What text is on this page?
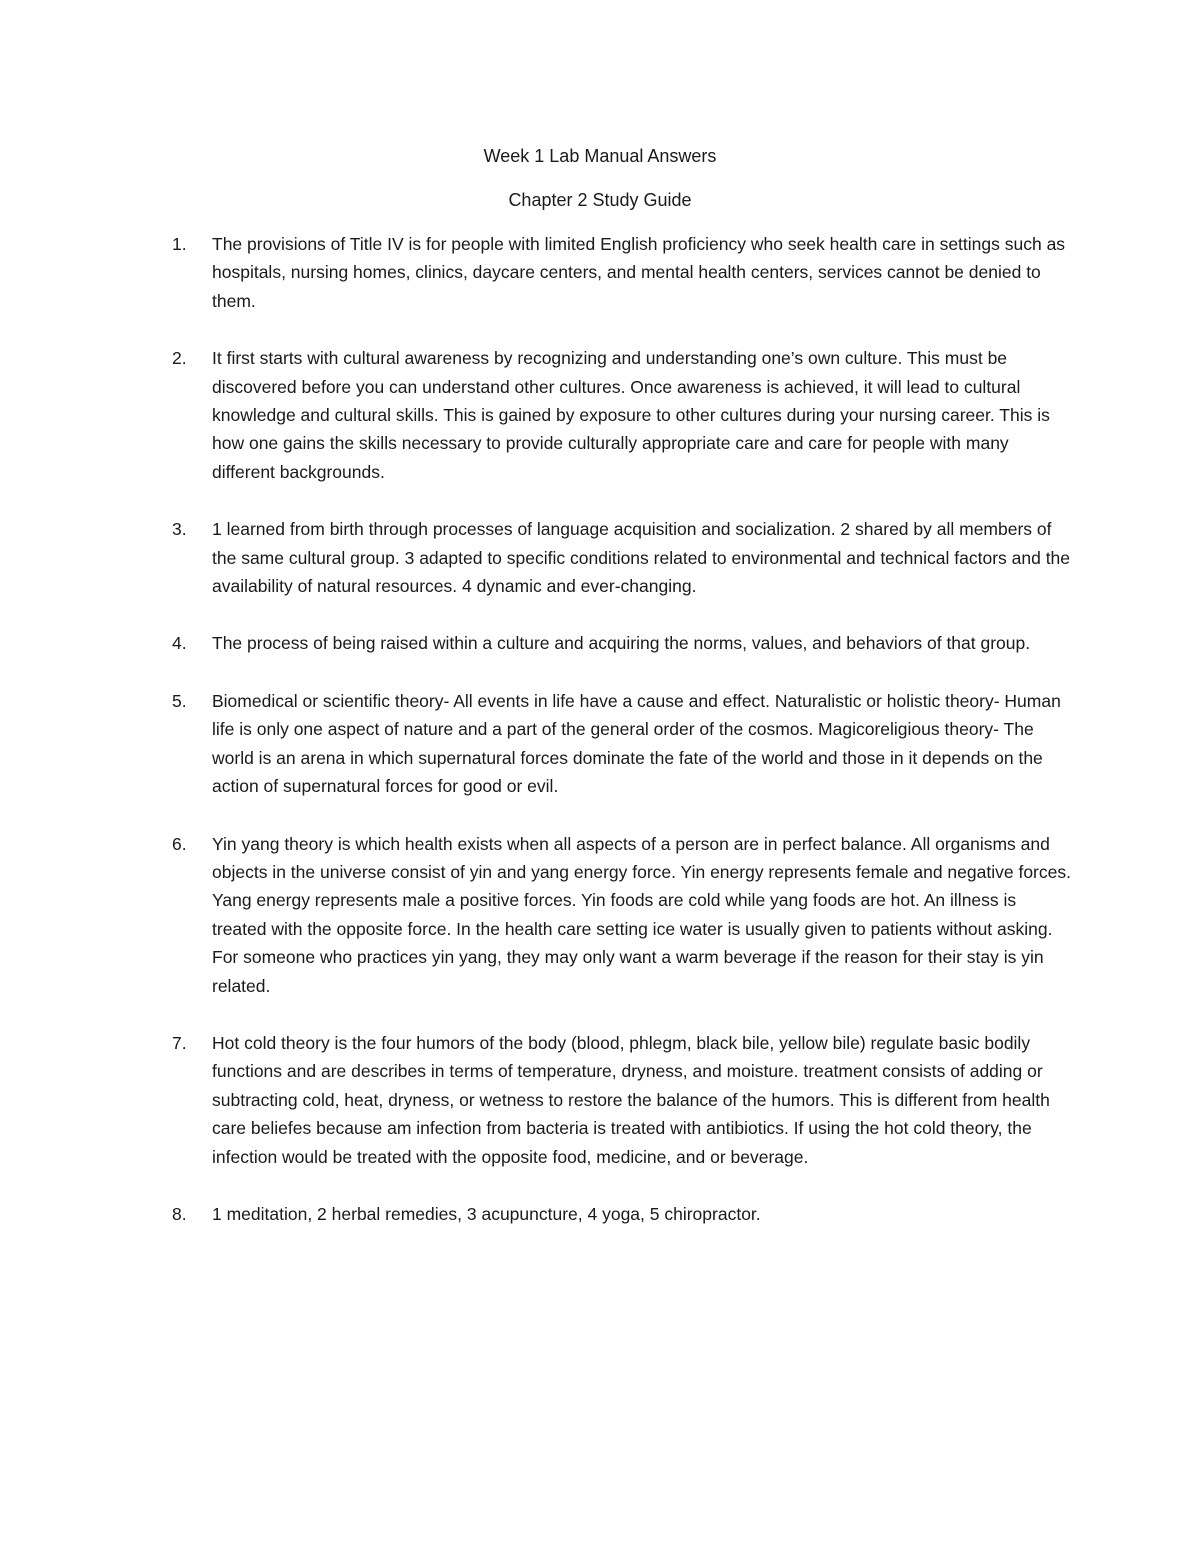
Week 1 Lab Manual Answers
Chapter 2 Study Guide
1. The provisions of Title IV is for people with limited English proficiency who seek health care in settings such as hospitals, nursing homes, clinics, daycare centers, and mental health centers, services cannot be denied to them.
2. It first starts with cultural awareness by recognizing and understanding one’s own culture. This must be discovered before you can understand other cultures. Once awareness is achieved, it will lead to cultural knowledge and cultural skills. This is gained by exposure to other cultures during your nursing career. This is how one gains the skills necessary to provide culturally appropriate care and care for people with many different backgrounds.
3. 1 learned from birth through processes of language acquisition and socialization. 2 shared by all members of the same cultural group. 3 adapted to specific conditions related to environmental and technical factors and the availability of natural resources. 4 dynamic and ever-changing.
4. The process of being raised within a culture and acquiring the norms, values, and behaviors of that group.
5. Biomedical or scientific theory- All events in life have a cause and effect. Naturalistic or holistic theory- Human life is only one aspect of nature and a part of the general order of the cosmos. Magicoreligious theory- The world is an arena in which supernatural forces dominate the fate of the world and those in it depends on the action of supernatural forces for good or evil.
6. Yin yang theory is which health exists when all aspects of a person are in perfect balance. All organisms and objects in the universe consist of yin and yang energy force. Yin energy represents female and negative forces. Yang energy represents male a positive forces. Yin foods are cold while yang foods are hot. An illness is treated with the opposite force. In the health care setting ice water is usually given to patients without asking. For someone who practices yin yang, they may only want a warm beverage if the reason for their stay is yin related.
7. Hot cold theory is the four humors of the body (blood, phlegm, black bile, yellow bile) regulate basic bodily functions and are describes in terms of temperature, dryness, and moisture. treatment consists of adding or subtracting cold, heat, dryness, or wetness to restore the balance of the humors. This is different from health care beliefes because am infection from bacteria is treated with antibiotics. If using the hot cold theory, the infection would be treated with the opposite food, medicine, and or beverage.
8. 1 meditation, 2 herbal remedies, 3 acupuncture, 4 yoga, 5 chiropractor.
